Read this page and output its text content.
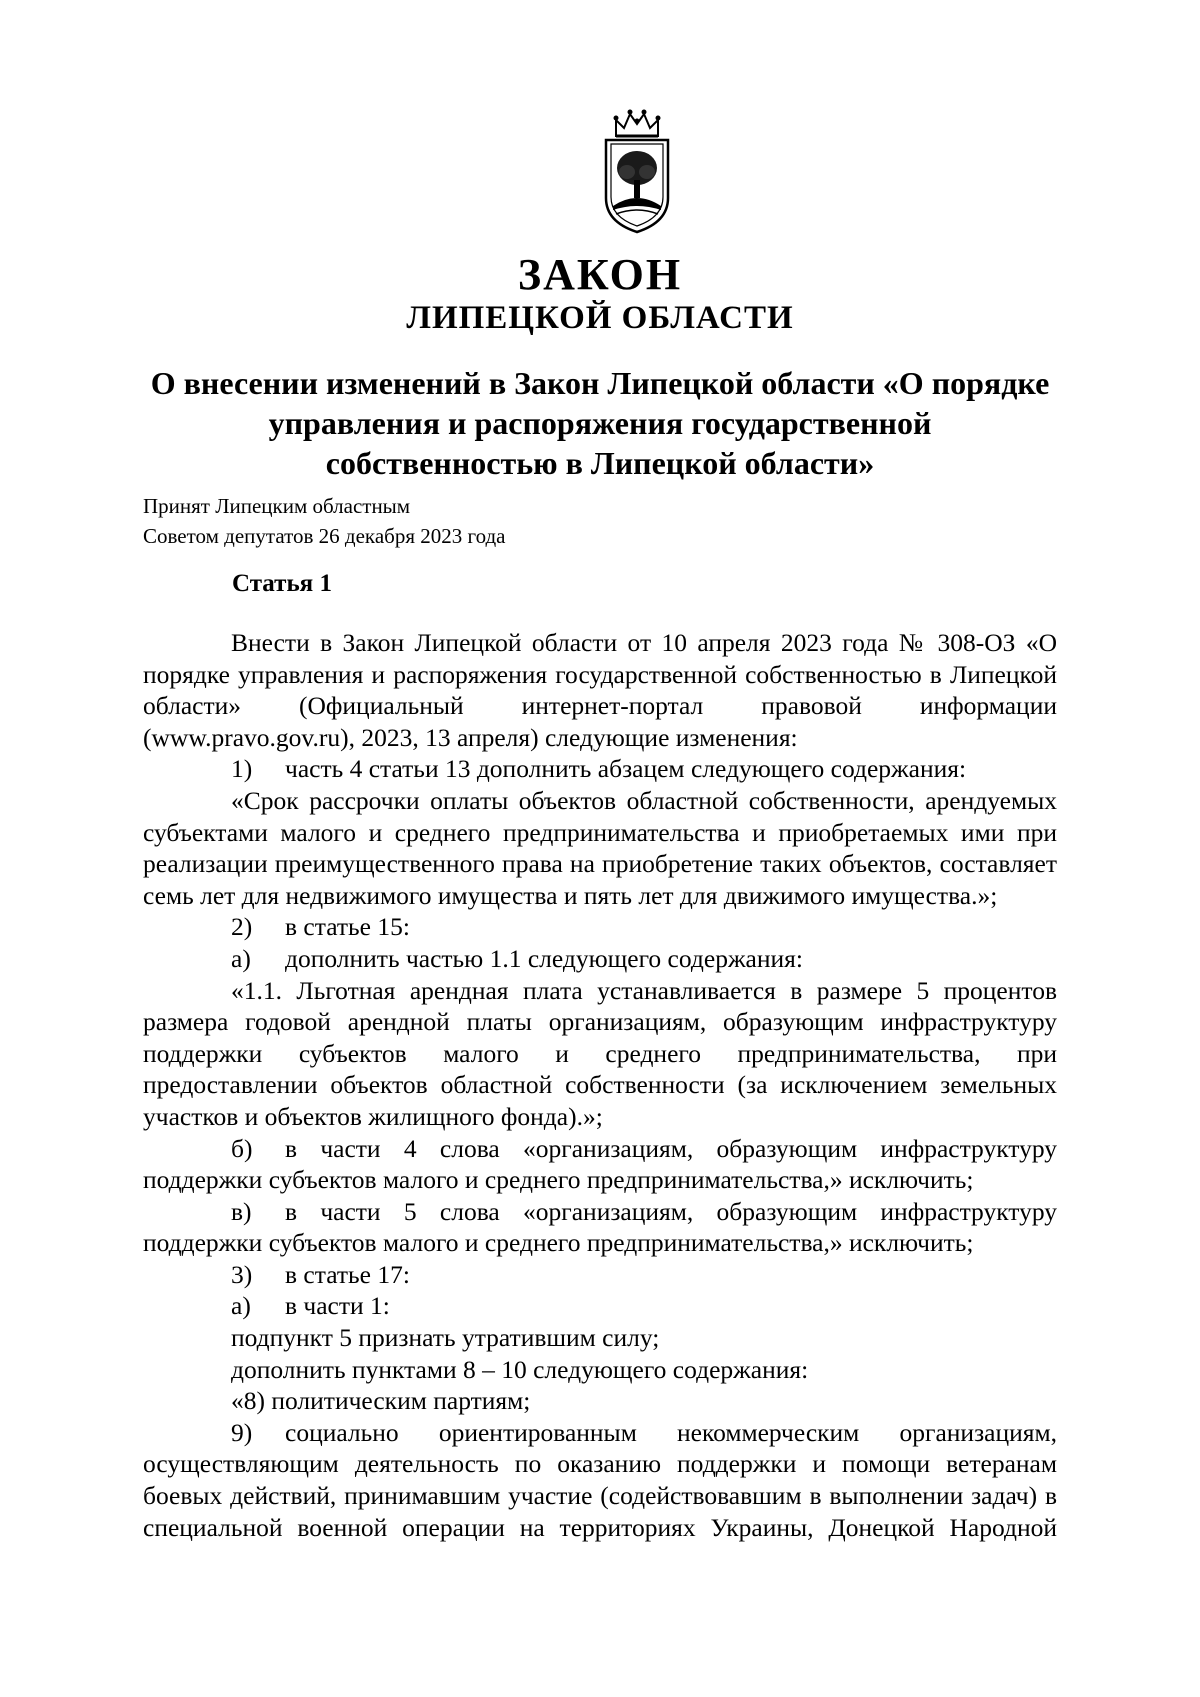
ЗАКОН
ЛИПЕЦКОЙ ОБЛАСТИ
О внесении изменений в Закон Липецкой области «О порядке
управления и распоряжения государственной
собственностью в Липецкой области»
Принят Липецким областным
Советом депутатов 26 декабря 2023 года
Статья 1

Внести в Закон Липецкой области от 10 апреля 2023 года № 308-ОЗ «О порядке управления и распоряжения государственной собственностью в Липецкой области» (Официальный интернет-портал правовой информации (www.pravo.gov.ru), 2023, 13 апреля) следующие изменения:

1) часть 4 статьи 13 дополнить абзацем следующего содержания:

«Срок рассрочки оплаты объектов областной собственности, арендуемых субъектами малого и среднего предпринимательства и приобретаемых ими при реализации преимущественного права на приобретение таких объектов, составляет семь лет для недвижимого имущества и пять лет для движимого имущества.»;

2) в статье 15:

а) дополнить частью 1.1 следующего содержания:

«1.1. Льготная арендная плата устанавливается в размере 5 процентов размера годовой арендной платы организациям, образующим инфраструктуру поддержки субъектов малого и среднего предпринимательства, при предоставлении объектов областной собственности (за исключением земельных участков и объектов жилищного фонда).»;

б) в части 4 слова «организациям, образующим инфраструктуру поддержки субъектов малого и среднего предпринимательства,» исключить;

в) в части 5 слова «организациям, образующим инфраструктуру поддержки субъектов малого и среднего предпринимательства,» исключить;

3) в статье 17:

а) в части 1:

подпункт 5 признать утратившим силу;

дополнить пунктами 8 – 10 следующего содержания:

«8) политическим партиям;

9) социально ориентированным некоммерческим организациям, осуществляющим деятельность по оказанию поддержки и помощи ветеранам боевых действий, принимавшим участие (содействовавшим в выполнении задач) в специальной военной операции на территориях Украины, Донецкой Народной
